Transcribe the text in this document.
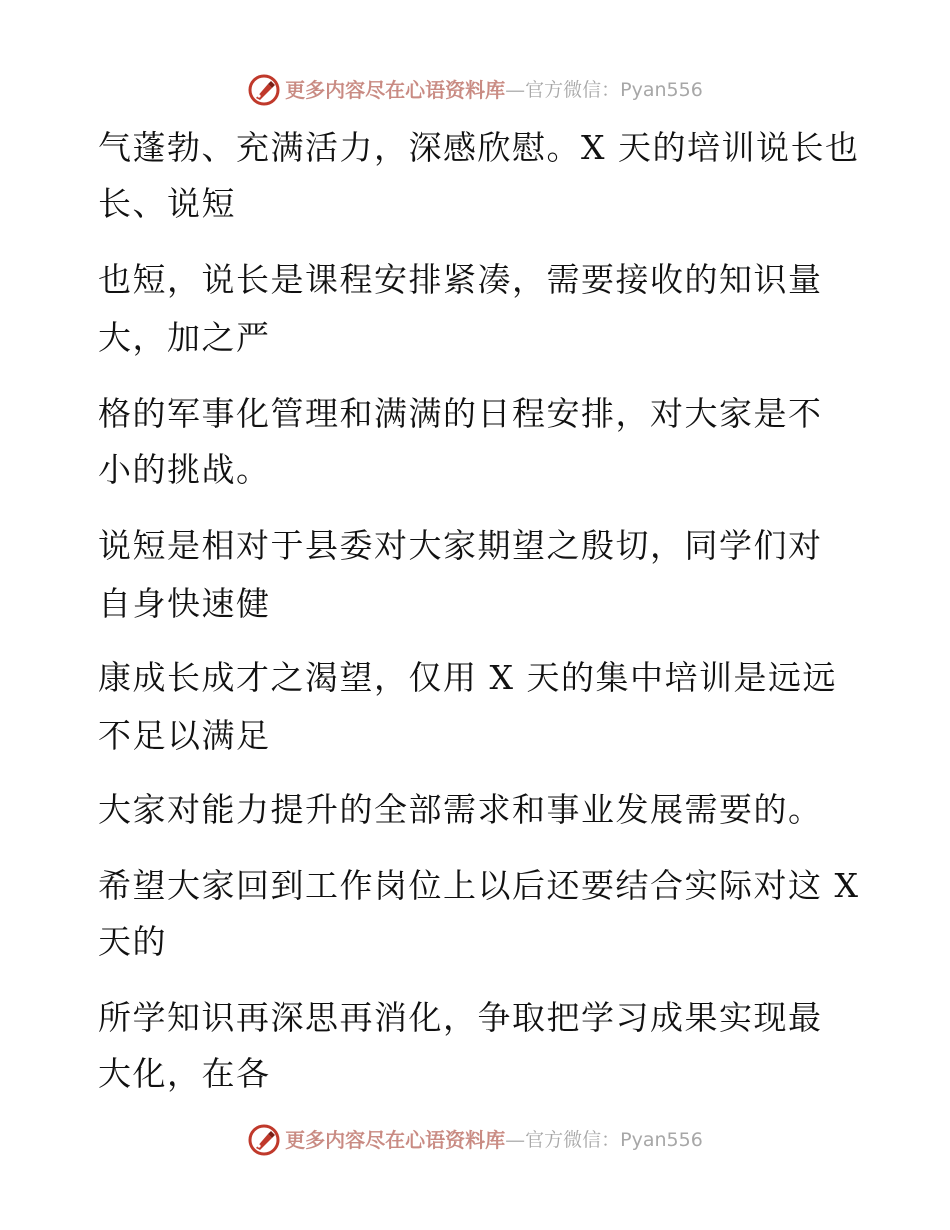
更多内容尽在心语资料库 — 官方微信：Pyan556
气蓬勃、充满活力，深感欣慰。X 天的培训说长也
长、说短
也短，说长是课程安排紧凑，需要接收的知识量
大，加之严
格的军事化管理和满满的日程安排，对大家是不
小的挑战。
说短是相对于县委对大家期望之殷切，同学们对
自身快速健
康成长成才之渴望，仅用 X 天的集中培训是远远
不足以满足
大家对能力提升的全部需求和事业发展需要的。
希望大家回到工作岗位上以后还要结合实际对这 X
天的
所学知识再深思再消化，争取把学习成果实现最
大化，在各
更多内容尽在心语资料库 — 官方微信：Pyan556
